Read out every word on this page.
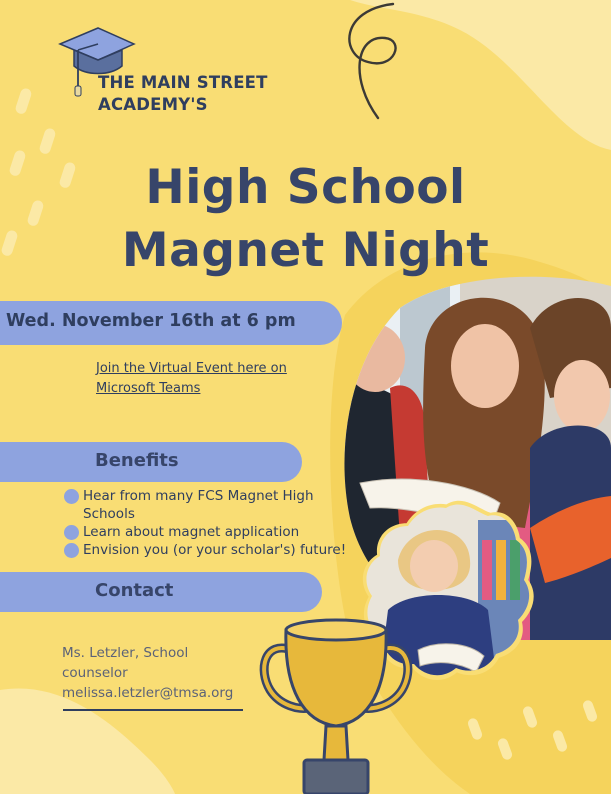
THE MAIN STREET
ACADEMY'S
High School
Magnet Night
Wed. November 16th at 6 pm
Join the Virtual Event here on
Microsoft Teams
Benefits
Hear from many FCS Magnet High Schools
Learn about magnet application
Envision you (or your scholar's) future!
Contact
Ms. Letzler, School
counselor
melissa.letzler@tmsa.org
